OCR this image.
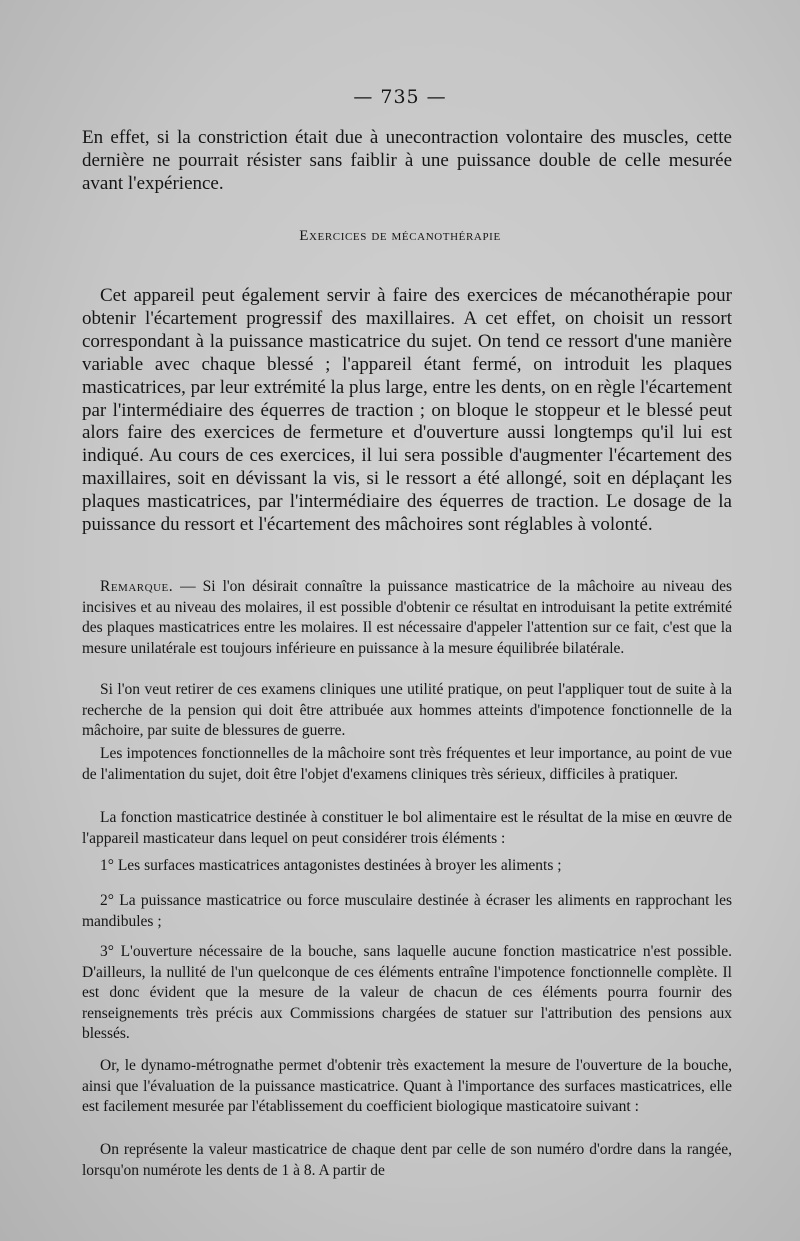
— 735 —

En effet, si la constriction était due à unecontraction volontaire des muscles, cette dernière ne pourrait résister sans faiblir à une puissance double de celle mesurée avant l'expérience.

Exercices de mécanothérapie

Cet appareil peut également servir à faire des exercices de mécanothérapie pour obtenir l'écartement progressif des maxillaires. A cet effet, on choisit un ressort correspondant à la puissance masticatrice du sujet. On tend ce ressort d'une manière variable avec chaque blessé ; l'appareil étant fermé, on introduit les plaques masticatrices, par leur extrémité la plus large, entre les dents, on en règle l'écartement par l'intermédiaire des équerres de traction ; on bloque le stoppeur et le blessé peut alors faire des exercices de fermeture et d'ouverture aussi longtemps qu'il lui est indiqué. Au cours de ces exercices, il lui sera possible d'augmenter l'écartement des maxillaires, soit en dévissant la vis, si le ressort a été allongé, soit en déplaçant les plaques masticatrices, par l'intermédiaire des équerres de traction. Le dosage de la puissance du ressort et l'écartement des mâchoires sont réglables à volonté.

Remarque. — Si l'on désirait connaître la puissance masticatrice de la mâchoire au niveau des incisives et au niveau des molaires, il est possible d'obtenir ce résultat en introduisant la petite extrémité des plaques masticatrices entre les molaires. Il est nécessaire d'appeler l'attention sur ce fait, c'est que la mesure unilatérale est toujours inférieure en puissance à la mesure équilibrée bilatérale.

Si l'on veut retirer de ces examens cliniques une utilité pratique, on peut l'appliquer tout de suite à la recherche de la pension qui doit être attribuée aux hommes atteints d'impotence fonctionnelle de la mâchoire, par suite de blessures de guerre.

Les impotences fonctionnelles de la mâchoire sont très fréquentes et leur importance, au point de vue de l'alimentation du sujet, doit être l'objet d'examens cliniques très sérieux, difficiles à pratiquer.

La fonction masticatrice destinée à constituer le bol alimentaire est le résultat de la mise en œuvre de l'appareil masticateur dans lequel on peut considérer trois éléments :

1° Les surfaces masticatrices antagonistes destinées à broyer les aliments ;

2° La puissance masticatrice ou force musculaire destinée à écraser les aliments en rapprochant les mandibules ;

3° L'ouverture nécessaire de la bouche, sans laquelle aucune fonction masticatrice n'est possible. D'ailleurs, la nullité de l'un quelconque de ces éléments entraîne l'impotence fonctionnelle complète. Il est donc évident que la mesure de la valeur de chacun de ces éléments pourra fournir des renseignements très précis aux Commissions chargées de statuer sur l'attribution des pensions aux blessés.

Or, le dynamo-métrognathe permet d'obtenir très exactement la mesure de l'ouverture de la bouche, ainsi que l'évaluation de la puissance masticatrice. Quant à l'importance des surfaces masticatrices, elle est facilement mesurée par l'établissement du coefficient biologique masticatoire suivant :

On représente la valeur masticatrice de chaque dent par celle de son numéro d'ordre dans la rangée, lorsqu'on numérote les dents de 1 à 8. A partir de
